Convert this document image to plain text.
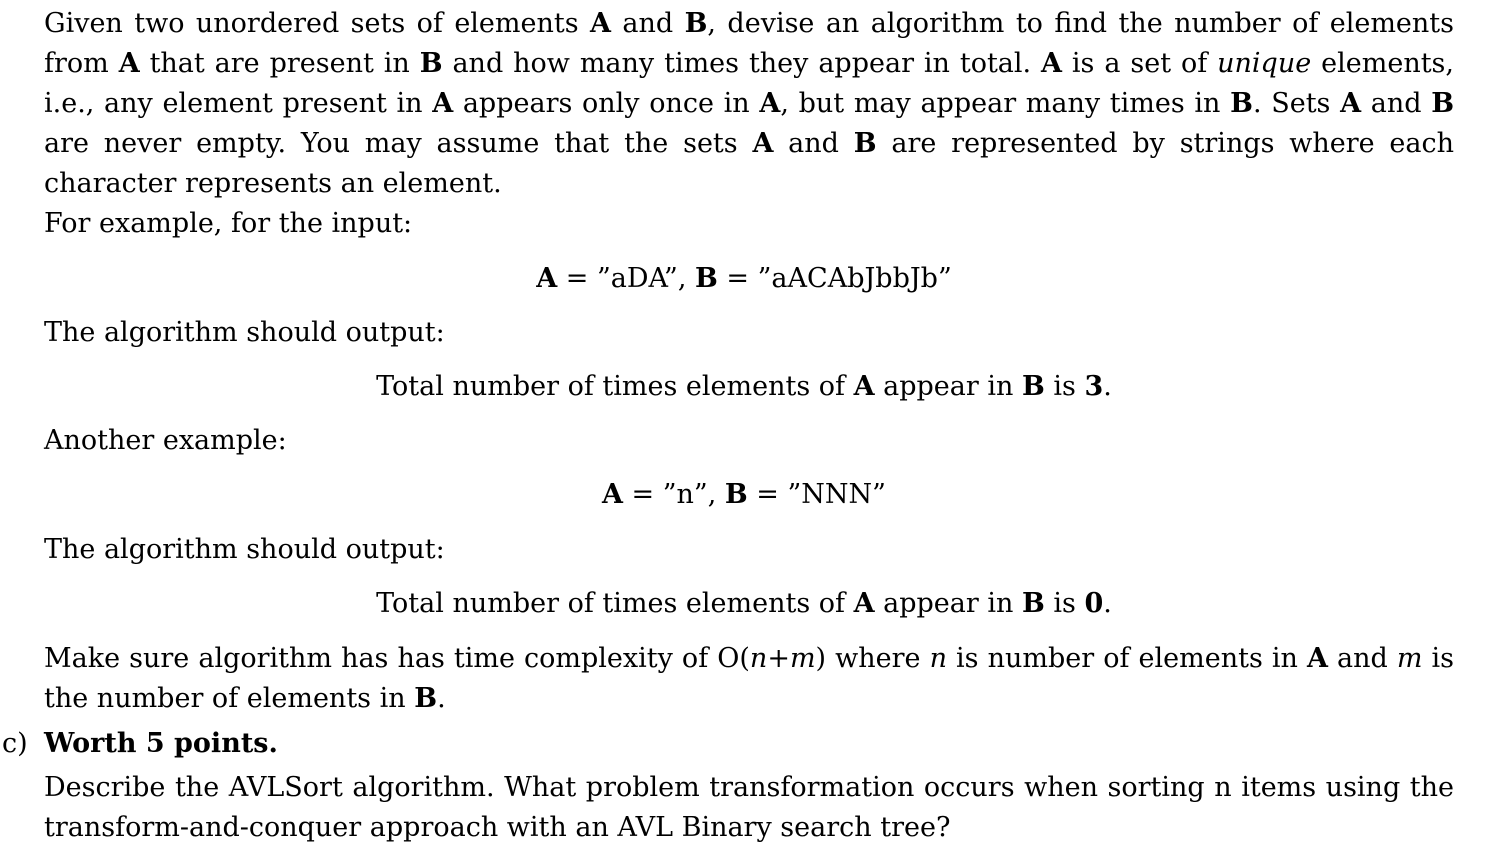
Given two unordered sets of elements A and B, devise an algorithm to find the number of elements from A that are present in B and how many times they appear in total. A is a set of unique elements, i.e., any element present in A appears only once in A, but may appear many times in B. Sets A and B are never empty. You may assume that the sets A and B are represented by strings where each character represents an element.
For example, for the input:
A = ”aDA”, B = ”aACAbJbbJb”
The algorithm should output:
Total number of times elements of A appear in B is 3.
Another example:
A = ”n”, B = ”NNN”
The algorithm should output:
Total number of times elements of A appear in B is 0.
Make sure algorithm has has time complexity of O(n+m) where n is number of elements in A and m is the number of elements in B.
c) Worth 5 points.
Describe the AVLSort algorithm. What problem transformation occurs when sorting n items using the transform-and-conquer approach with an AVL Binary search tree?
